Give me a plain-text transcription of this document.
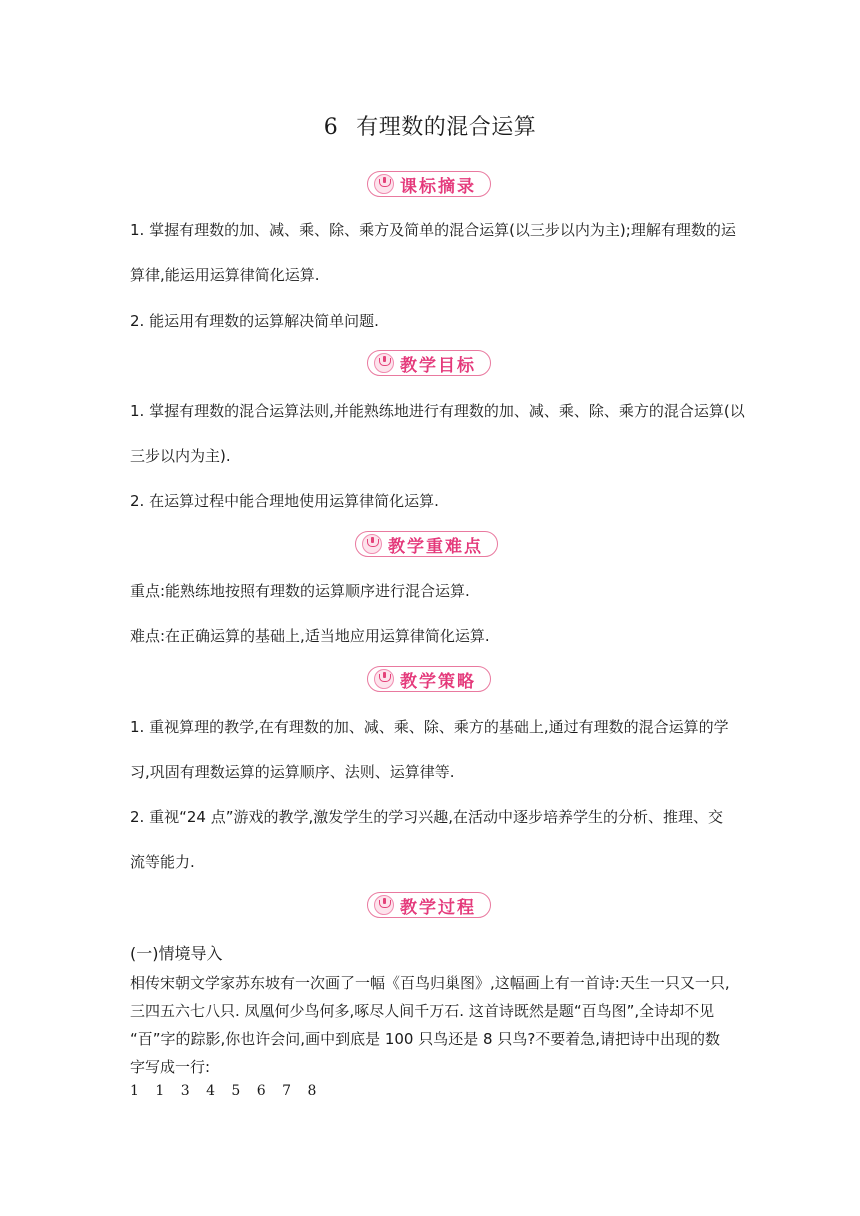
6 有理数的混合运算
课标摘录
1. 掌握有理数的加、减、乘、除、乘方及简单的混合运算(以三步以内为主);理解有理数的运
算律,能运用运算律简化运算.
2. 能运用有理数的运算解决简单问题.
教学目标
1. 掌握有理数的混合运算法则,并能熟练地进行有理数的加、减、乘、除、乘方的混合运算(以
三步以内为主).
2. 在运算过程中能合理地使用运算律简化运算.
教学重难点
重点:能熟练地按照有理数的运算顺序进行混合运算.
难点:在正确运算的基础上,适当地应用运算律简化运算.
教学策略
1. 重视算理的教学,在有理数的加、减、乘、除、乘方的基础上,通过有理数的混合运算的学
习,巩固有理数运算的运算顺序、法则、运算律等.
2. 重视“24 点”游戏的教学,激发学生的学习兴趣,在活动中逐步培养学生的分析、推理、交
流等能力.
教学过程
(一)情境导入
相传宋朝文学家苏东坡有一次画了一幅《百鸟归巢图》,这幅画上有一首诗:天生一只又一只,
三四五六七八只. 凤凰何少鸟何多,啄尽人间千万石. 这首诗既然是题“百鸟图”,全诗却不见
“百”字的踪影,你也许会问,画中到底是 100 只鸟还是 8 只鸟?不要着急,请把诗中出现的数
字写成一行:
1 1 3 4 5 6 7 8
